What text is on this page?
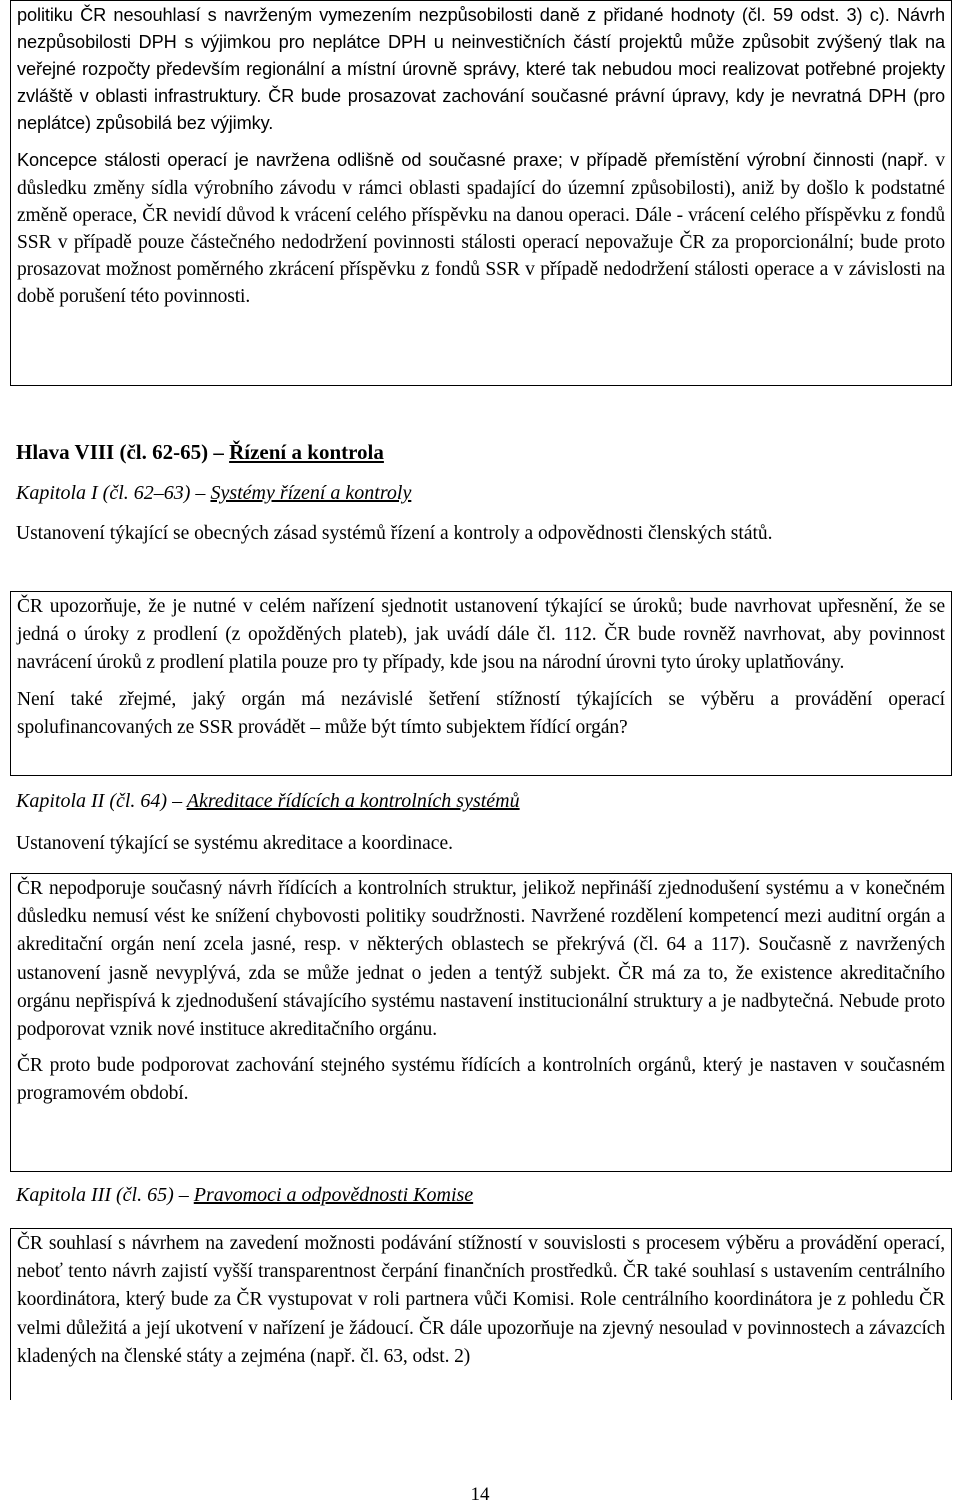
politiku ČR nesouhlasí s navrženým vymezením nezpůsobilosti daně z přidané hodnoty (čl. 59 odst. 3) c). Návrh nezpůsobilosti DPH s výjimkou pro neplátce DPH u neinvestičních částí projektů může způsobit zvýšený tlak na veřejné rozpočty především regionální a místní úrovně správy, které tak nebudou moci realizovat potřebné projekty zvláště v oblasti infrastruktury. ČR bude prosazovat zachování současné právní úpravy, kdy je nevratná DPH (pro neplátce) způsobilá bez výjimky.

Koncepce stálosti operací je navržena odlišně od současné praxe; v případě přemístění výrobní činnosti (např. v důsledku změny sídla výrobního závodu v rámci oblasti spadající do územní způsobilosti), aniž by došlo k podstatné změně operace, ČR nevidí důvod k vrácení celého příspěvku na danou operaci. Dále - vrácení celého příspěvku z fondů SSR v případě pouze částečného nedodržení povinnosti stálosti operací nepovažuje ČR za proporcionální; bude proto prosazovat možnost poměrného zkrácení příspěvku z fondů SSR v případě nedodržení stálosti operace a v závislosti na době porušení této povinnosti.

Hlava VIII (čl. 62-65) – Řízení a kontrola

Kapitola I (čl. 62–63) – Systémy řízení a kontroly

Ustanovení týkající se obecných zásad systémů řízení a kontroly a odpovědnosti členských států.

ČR upozorňuje, že je nutné v celém nařízení sjednotit ustanovení týkající se úroků; bude navrhovat upřesnění, že se jedná o úroky z prodlení (z opožděných plateb), jak uvádí dále čl. 112. ČR bude rovněž navrhovat, aby povinnost navrácení úroků z prodlení platila pouze pro ty případy, kde jsou na národní úrovni tyto úroky uplatňovány.

Není také zřejmé, jaký orgán má nezávislé šetření stížností týkajících se výběru a provádění operací spolufinancovaných ze SSR provádět – může být tímto subjektem řídící orgán?

Kapitola II (čl. 64) – Akreditace řídících a kontrolních systémů

Ustanovení týkající se systému akreditace a koordinace.

ČR nepodporuje současný návrh řídících a kontrolních struktur, jelikož nepřináší zjednodušení systému a v konečném důsledku nemusí vést ke snížení chybovosti politiky soudržnosti. Navržené rozdělení kompetencí mezi auditní orgán a akreditační orgán není zcela jasné, resp. v některých oblastech se překrývá (čl. 64 a 117). Současně z navržených ustanovení jasně nevyplývá, zda se může jednat o jeden a tentýž subjekt. ČR má za to, že existence akreditačního orgánu nepřispívá k zjednodušení stávajícího systému nastavení institucionální struktury a je nadbytečná. Nebude proto podporovat vznik nové instituce akreditačního orgánu.

ČR proto bude podporovat zachování stejného systému řídících a kontrolních orgánů, který je nastaven v současném programovém období.

Kapitola III (čl. 65) – Pravomoci a odpovědnosti Komise

ČR souhlasí s návrhem na zavedení možnosti podávání stížností v souvislosti s procesem výběru a provádění operací, neboť tento návrh zajistí vyšší transparentnost čerpání finančních prostředků. ČR také souhlasí s ustavením centrálního koordinátora, který bude za ČR vystupovat v roli partnera vůči Komisi. Role centrálního koordinátora je z pohledu ČR velmi důležitá a její ukotvení v nařízení je žádoucí. ČR dále upozorňuje na zjevný nesoulad v povinnostech a závazcích kladených na členské státy a zejména (např. čl. 63, odst. 2)

14
